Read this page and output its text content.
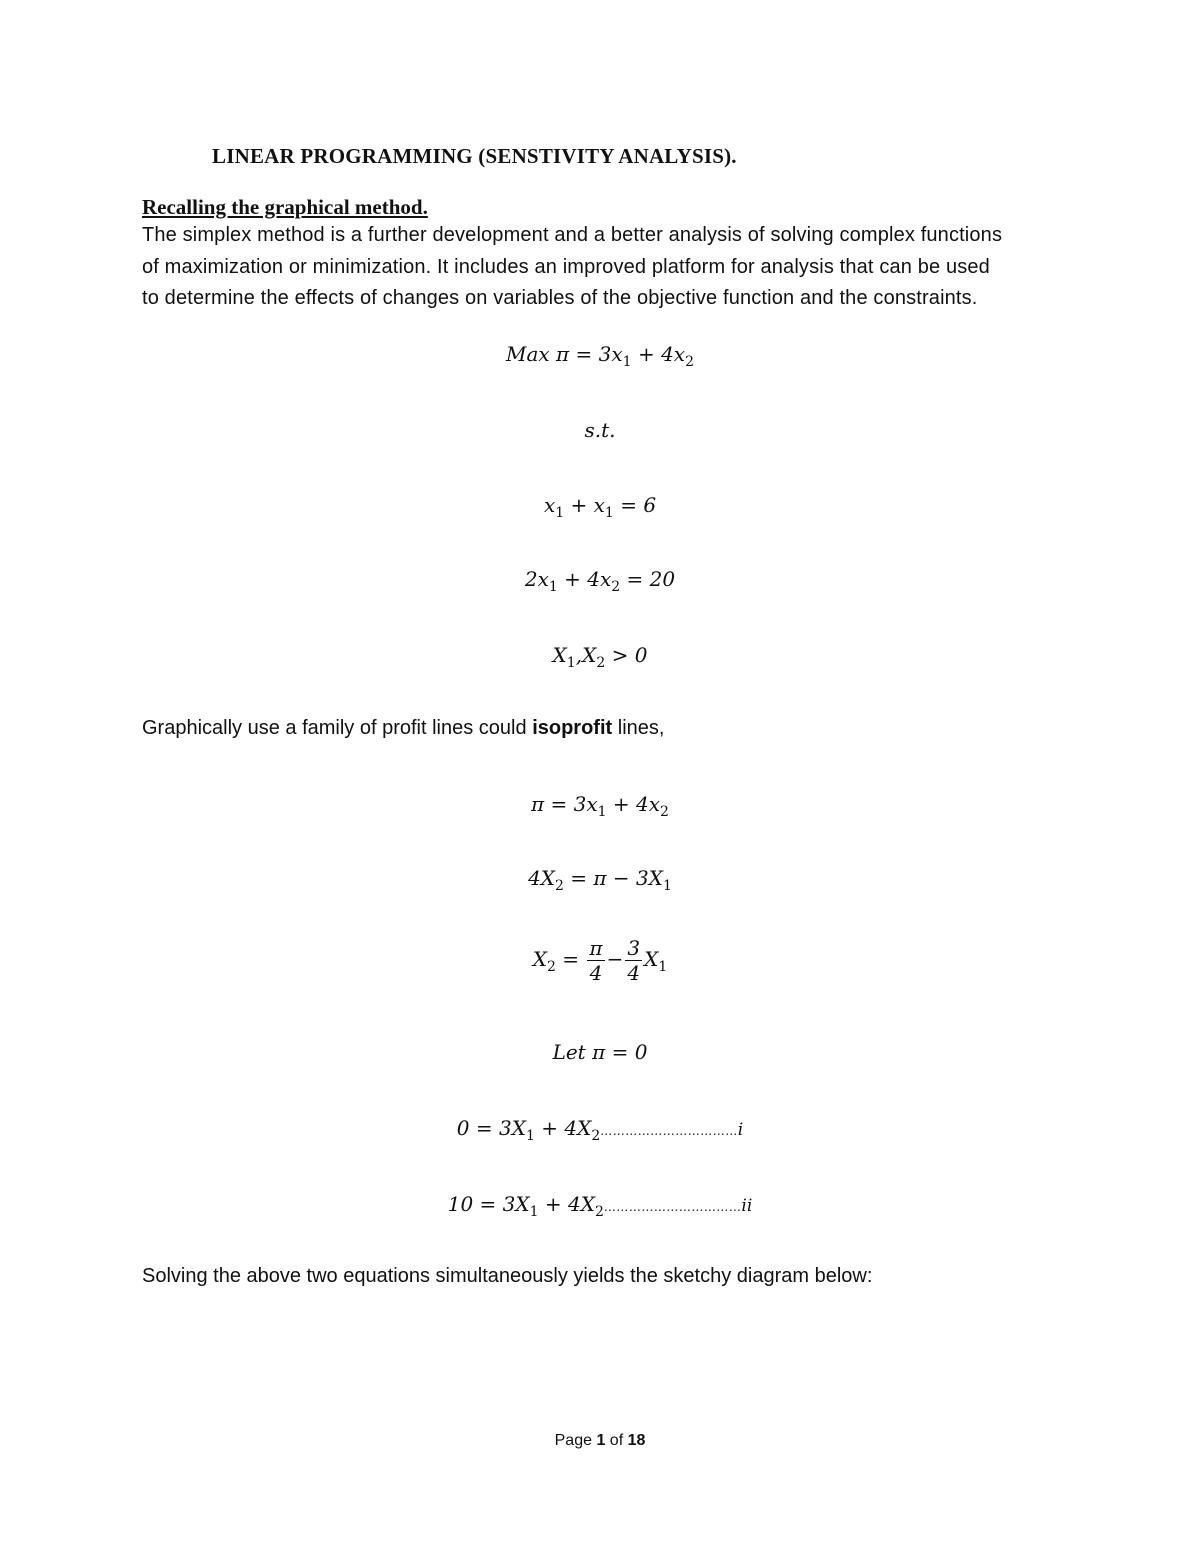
LINEAR PROGRAMMING (SENSTIVITY ANALYSIS).
Recalling the graphical method.
The simplex method is a further development and a better analysis of solving complex functions
of maximization or minimization. It includes an improved platform for analysis that can be used
to determine the effects of changes on variables of the objective function and the constraints.
Max $\pi = 3x_1 + 4x_2$
s.t.
$x_1 + x_1 = 6$
$2x_1 + 4x_2 = 20$
$X_1,X_2 > 0$
Graphically use a family of profit lines could isoprofit lines,
$\pi = 3x_1 + 4x_2$
$4X_2 = \pi - 3X_1$
$X_2 = \frac{\pi}{4} - \frac{3}{4} X_1$
Let π = 0
$0 = 3X_1$ + $4X_2\dots\dots\dots\dots\dots\dots\dots\dots\dots\dots\dots i$
$10 = 3X_1$ + $4X_2\dots\dots\dots\dots\dots\dots\dots\dots\dots\dots\dots ii$
Solving the above two equations simultaneously yields the sketchy diagram below:
Page 1 of 18
